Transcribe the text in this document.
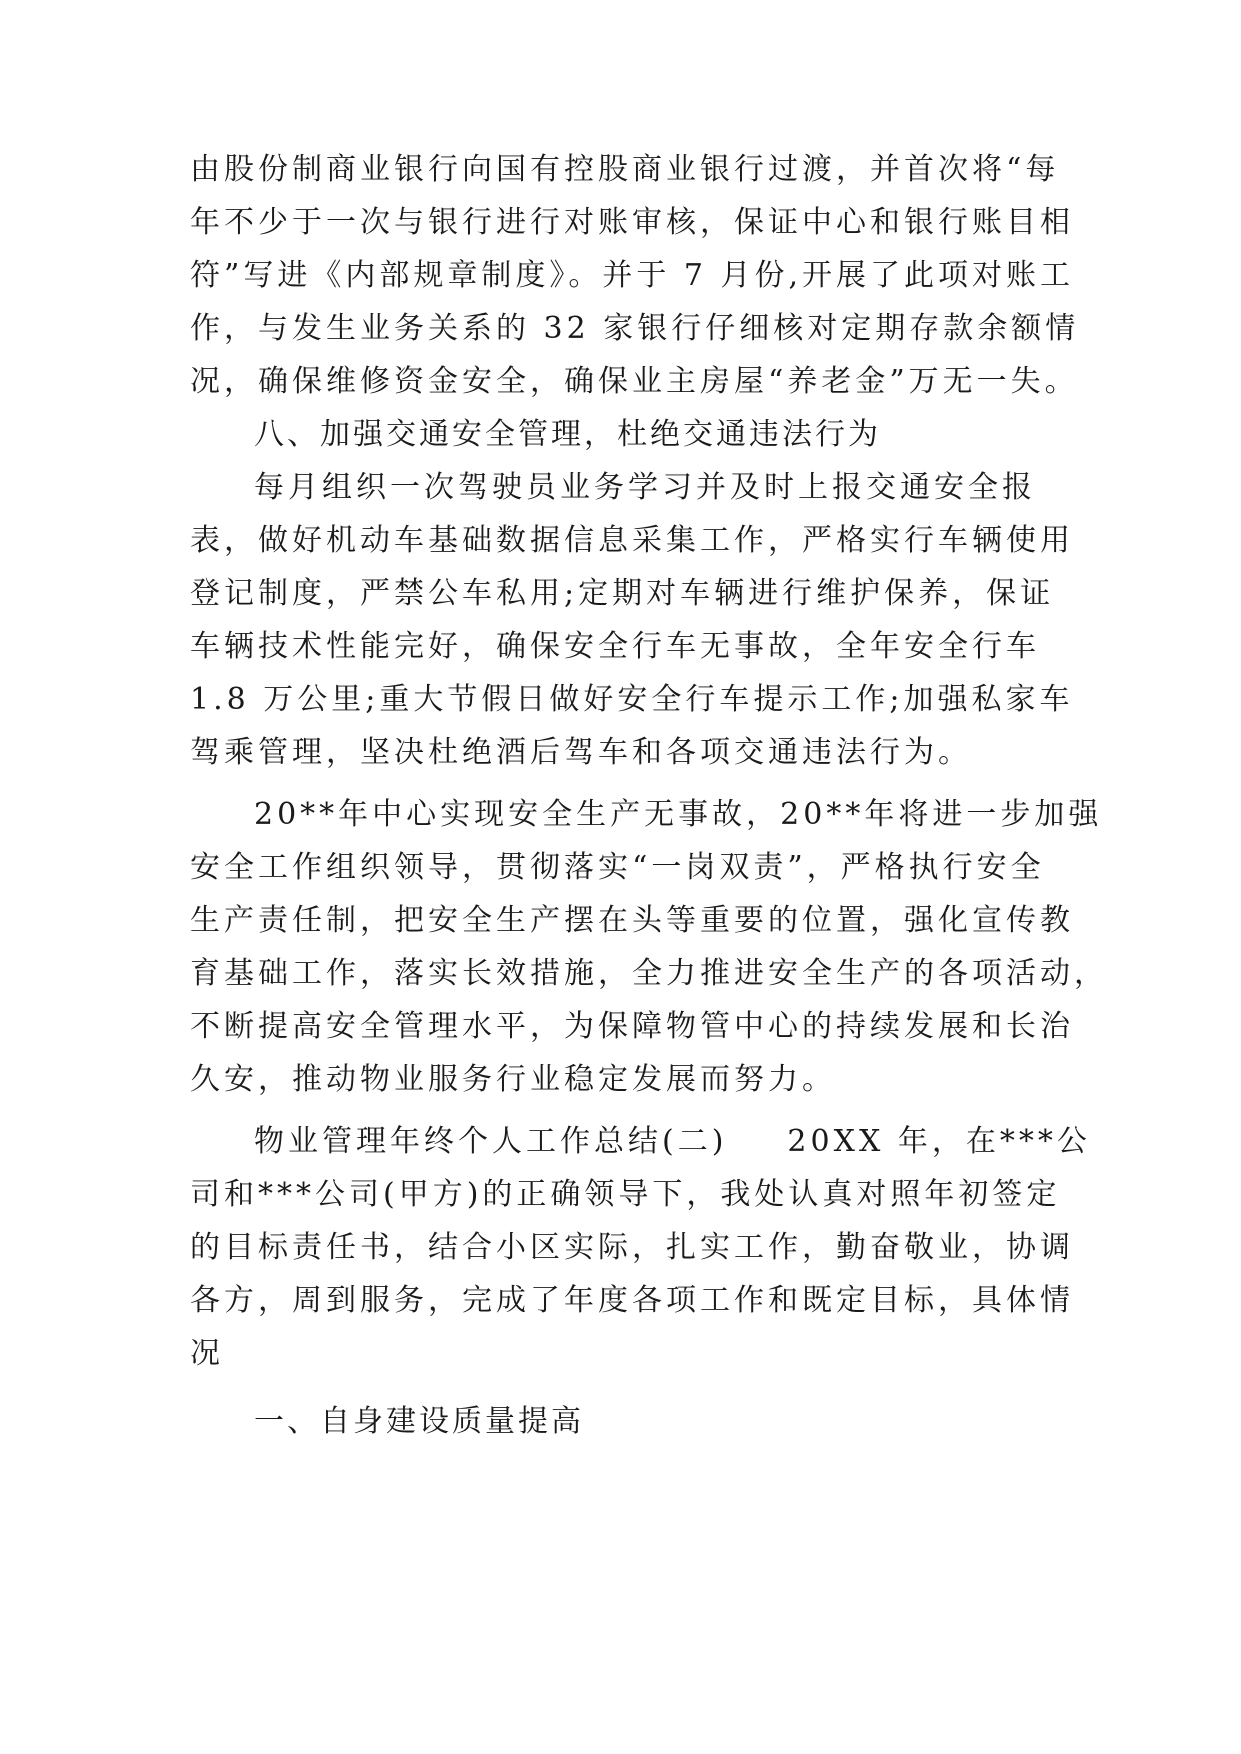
由股份制商业银行向国有控股商业银行过渡，并首次将“每
年不少于一次与银行进行对账审核，保证中心和银行账目相
符”写进《内部规章制度》。并于 7 月份,开展了此项对账工
作，与发生业务关系的 32 家银行仔细核对定期存款余额情
况，确保维修资金安全，确保业主房屋“养老金”万无一失。
八、加强交通安全管理，杜绝交通违法行为
每月组织一次驾驶员业务学习并及时上报交通安全报
表，做好机动车基础数据信息采集工作，严格实行车辆使用
登记制度，严禁公车私用;定期对车辆进行维护保养，保证
车辆技术性能完好，确保安全行车无事故，全年安全行车
1.8 万公里;重大节假日做好安全行车提示工作;加强私家车
驾乘管理，坚决杜绝酒后驾车和各项交通违法行为。
20**年中心实现安全生产无事故，20**年将进一步加强
安全工作组织领导，贯彻落实“一岗双责”，严格执行安全
生产责任制，把安全生产摆在头等重要的位置，强化宣传教
育基础工作，落实长效措施，全力推进安全生产的各项活动，
不断提高安全管理水平，为保障物管中心的持续发展和长治
久安，推动物业服务行业稳定发展而努力。
物业管理年终个人工作总结(二) 20XX 年，在***公
司和***公司(甲方)的正确领导下，我处认真对照年初签定
的目标责任书，结合小区实际，扎实工作，勤奋敬业，协调
各方，周到服务，完成了年度各项工作和既定目标，具体情
况
一、自身建设质量提高
